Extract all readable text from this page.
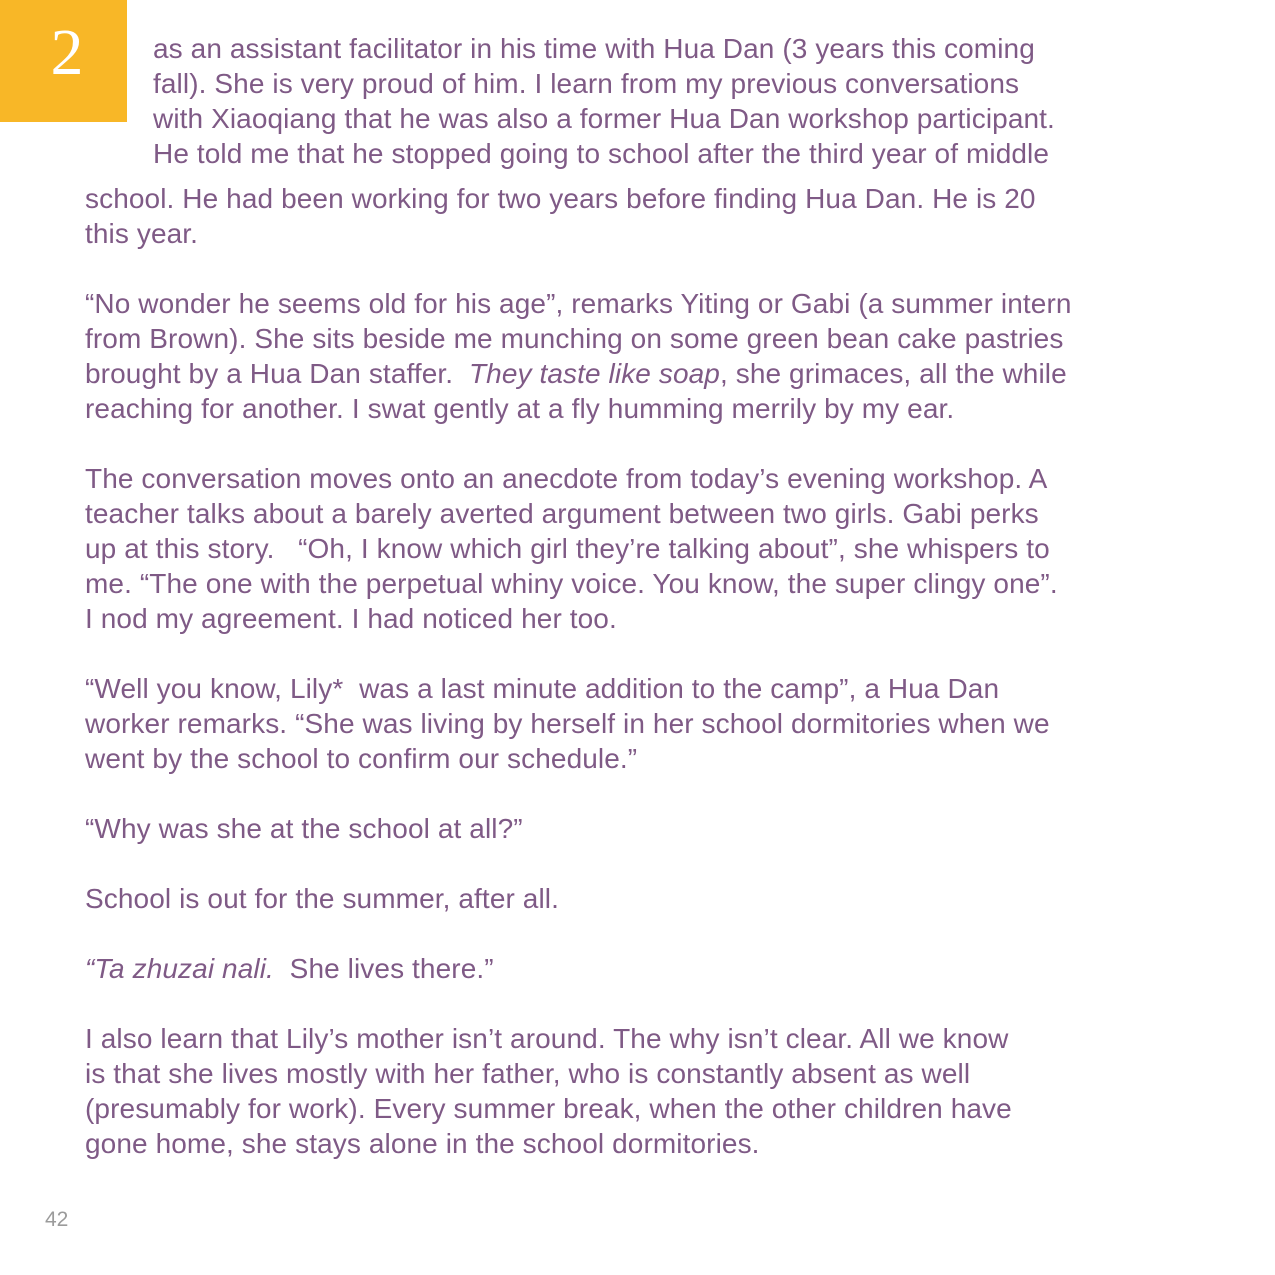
2	as an assistant facilitator in his time with Hua Dan (3 years this coming
fall). She is very proud of him. I learn from my previous conversations
with Xiaoqiang that he was also a former Hua Dan workshop participant.
He told me that he stopped going to school after the third year of middle
school. He had been working for two years before finding Hua Dan. He is 20
this year.
“No wonder he seems old for his age”, remarks Yiting or Gabi (a summer intern
from Brown). She sits beside me munching on some green bean cake pastries
brought by a Hua Dan staffer.  They taste like soap, she grimaces, all the while
reaching for another. I swat gently at a fly humming merrily by my ear.
The conversation moves onto an anecdote from today’s evening workshop. A
teacher talks about a barely averted argument between two girls. Gabi perks
up at this story.   “Oh, I know which girl they’re talking about”, she whispers to
me. “The one with the perpetual whiny voice. You know, the super clingy one”.
I nod my agreement. I had noticed her too.
“Well you know, Lily*  was a last minute addition to the camp”, a Hua Dan
worker remarks. “She was living by herself in her school dormitories when we
went by the school to confirm our schedule.”
“Why was she at the school at all?”
School is out for the summer, after all.
“Ta zhuzai nali.  She lives there.”
I also learn that Lily’s mother isn’t around. The why isn’t clear. All we know
is that she lives mostly with her father, who is constantly absent as well
(presumably for work). Every summer break, when the other children have
gone home, she stays alone in the school dormitories.
42
